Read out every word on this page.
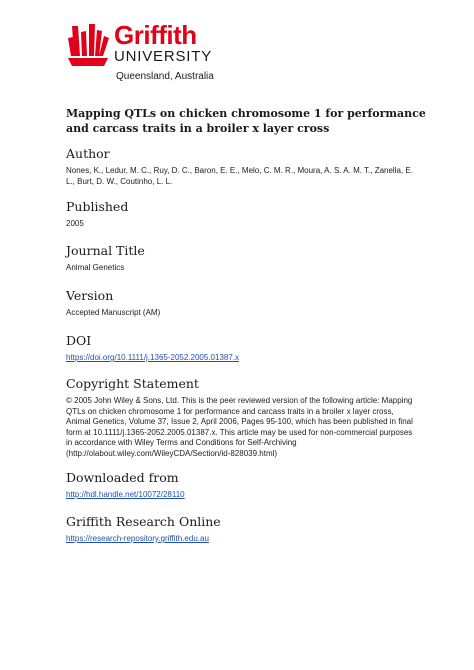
Griffith
UNIVERSITY
Queensland, Australia
Mapping QTLs on chicken chromosome 1 for performance and carcass traits in a broiler x layer cross
Author
Nones, K., Ledur, M. C., Ruy, D. C., Baron, E. E., Melo, C. M. R., Moura, A. S. A. M. T., Zanella, E. L., Burt, D. W., Coutinho, L. L.
Published
2005
Journal Title
Animal Genetics
Version
Accepted Manuscript (AM)
DOI
https://doi.org/10.1111/j.1365-2052.2005.01387.x
Copyright Statement
© 2005 John Wiley & Sons, Ltd. This is the peer reviewed version of the following article: Mapping QTLs on chicken chromosome 1 for performance and carcass traits in a broiler x layer cross, Animal Genetics, Volume 37, Issue 2, April 2006, Pages 95-100, which has been published in final form at 10.1111/j.1365-2052.2005.01387.x. This article may be used for non-commercial purposes in accordance with Wiley Terms and Conditions for Self-Archiving (http://olabout.wiley.com/WileyCDA/Section/id-828039.html)
Downloaded from
http://hdl.handle.net/10072/28110
Griffith Research Online
https://research-repository.griffith.edu.au
